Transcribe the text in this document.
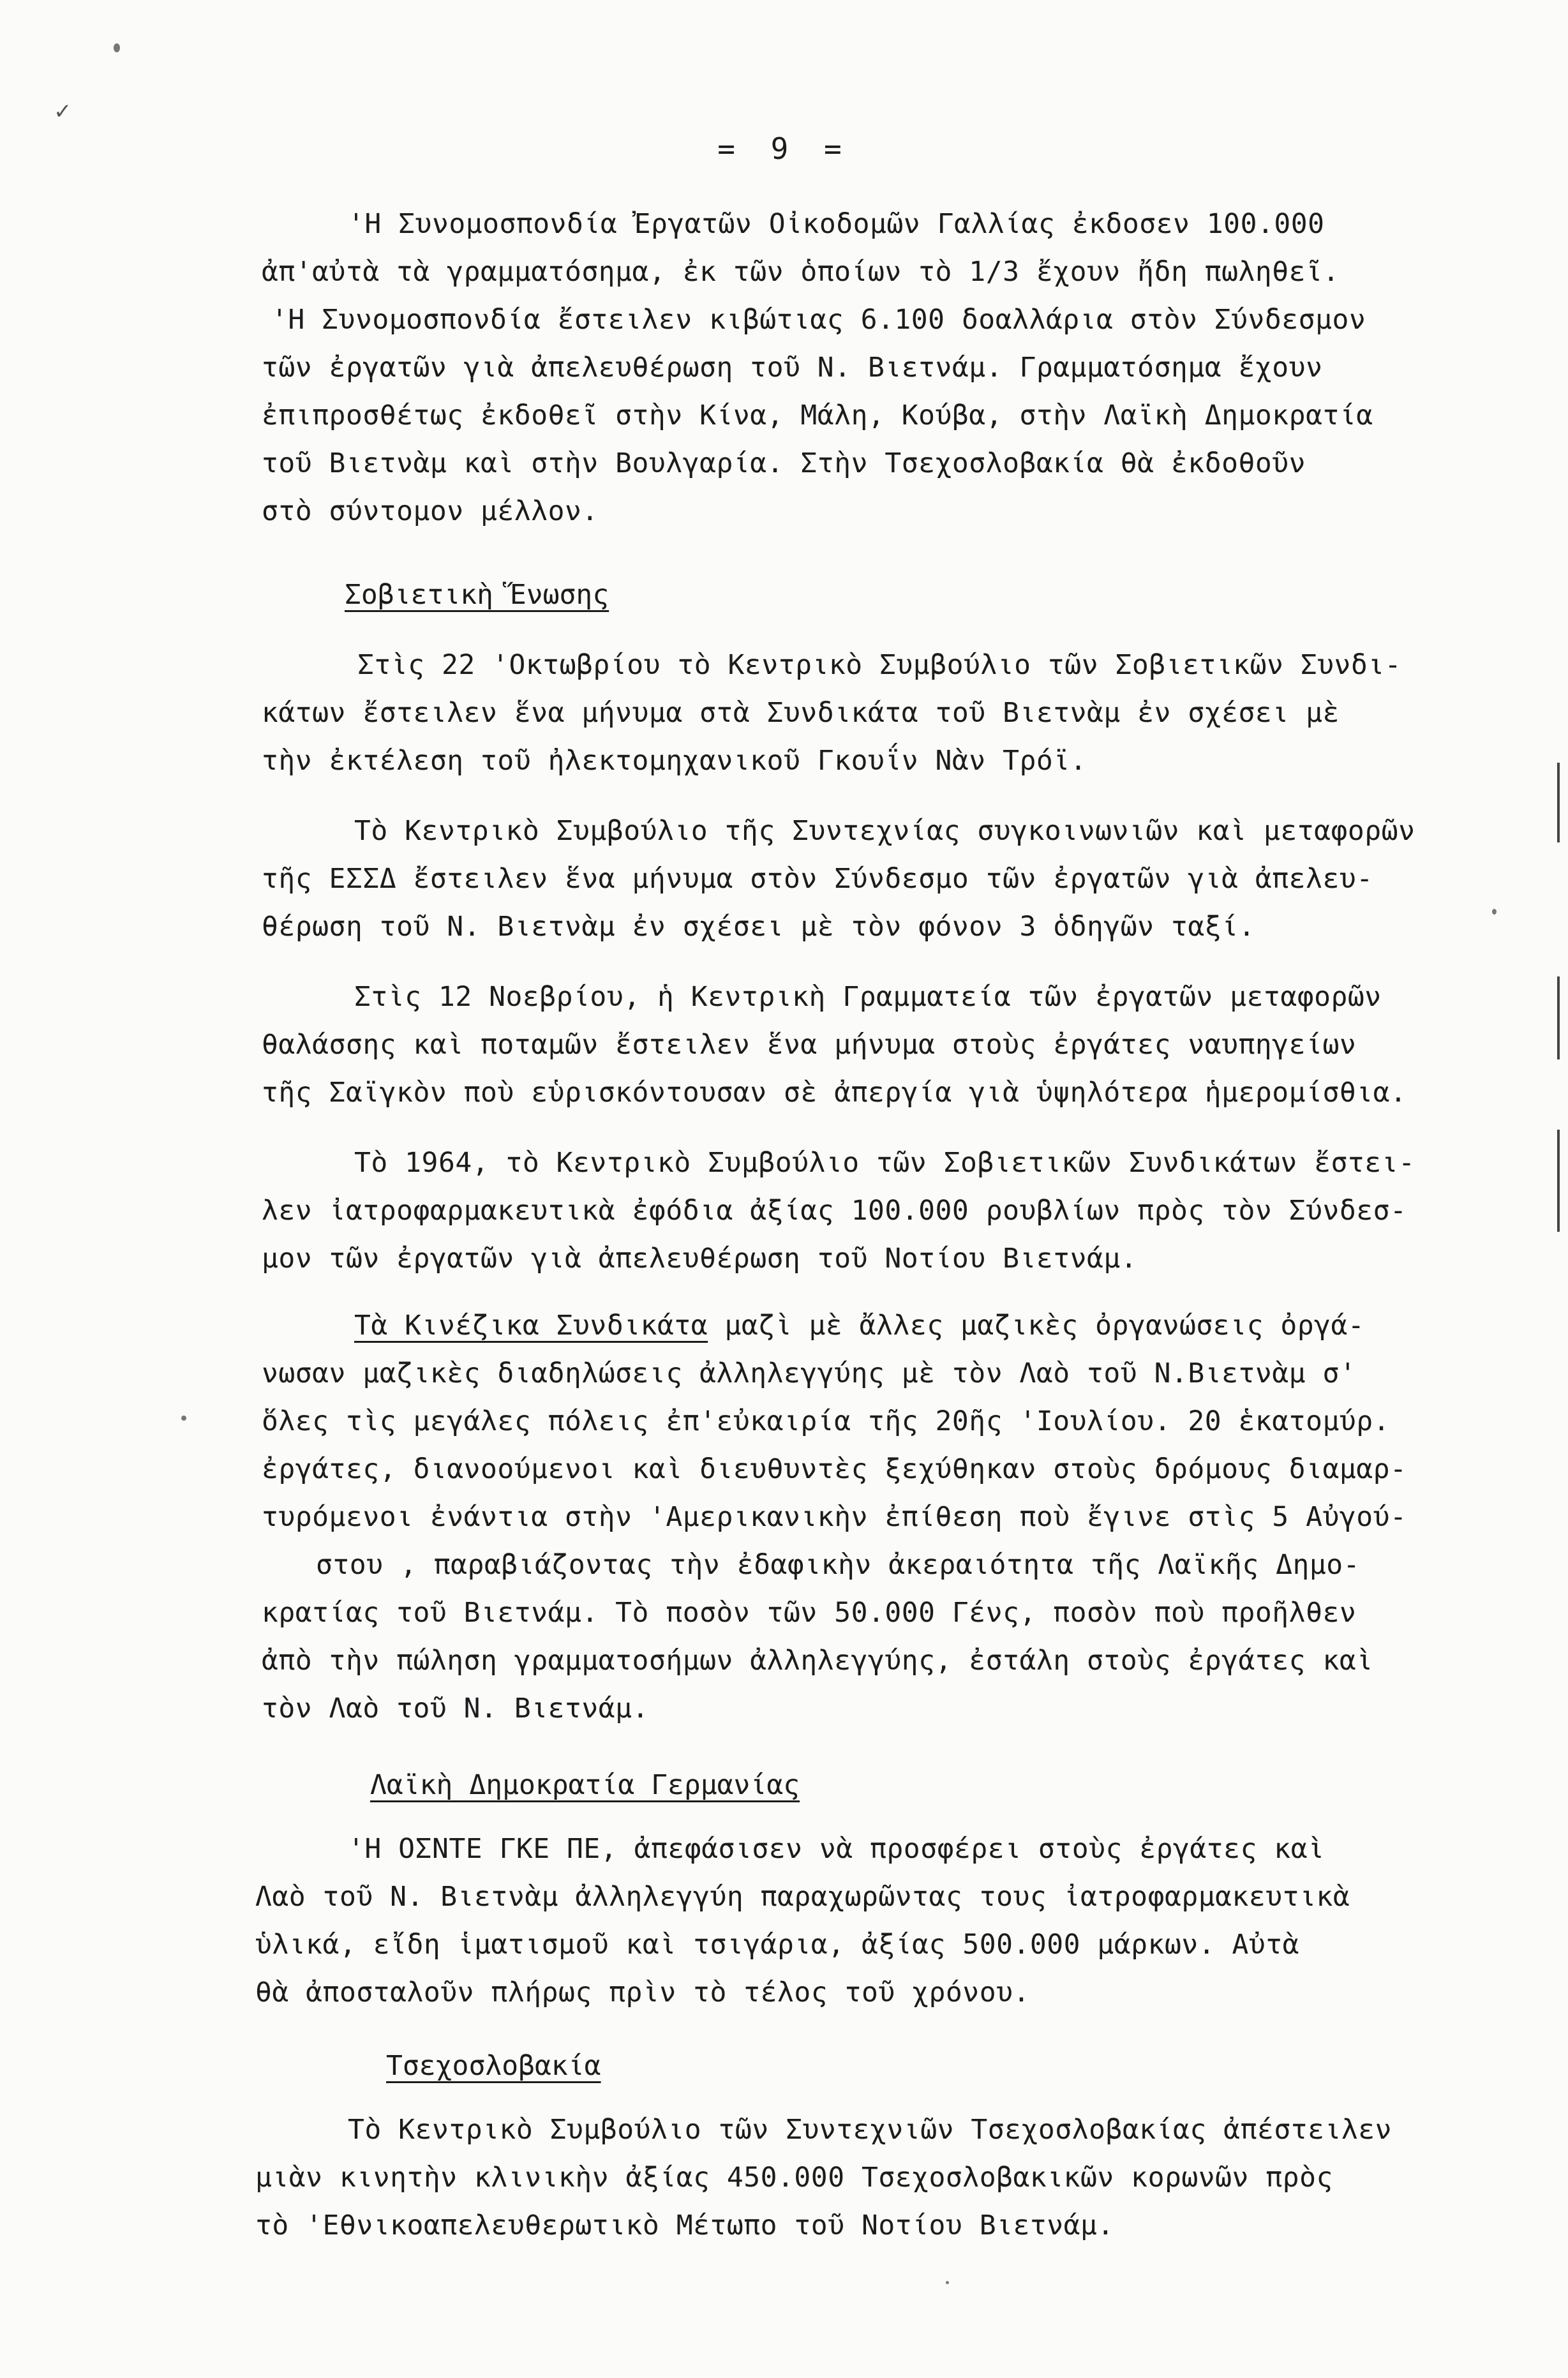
✓
= 9 =
'Η Συνομοσπονδία Ἐργατῶν Οἰκοδομῶν Γαλλίας ἐκδοσεν 100.000
ἀπ'αὐτὰ τὰ γραμματόσημα, ἐκ τῶν ὁποίων τὸ 1/3 ἔχουν ἤδη πωληθεῖ.
'Η Συνομοσπονδία ἔστειλεν κιβώτιας 6.100 δοαλλάρια στὸν Σύνδεσμον
τῶν ἐργατῶν γιὰ ἀπελευθέρωση τοῦ Ν. Βιετνάμ. Γραμματόσημα ἔχουν
ἐπιπροσθέτως ἐκδοθεῖ στὴν Κίνα, Μάλη, Κούβα, στὴν Λαϊκὴ Δημοκρατία
τοῦ Βιετνὰμ καὶ στὴν Βουλγαρία. Στὴν Τσεχοσλοβακία θὰ ἐκδοθοῦν
στὸ σύντομον μέλλον.
Σοβιετικὴ Ἕνωσης
Στὶς 22 'Οκτωβρίου τὸ Κεντρικὸ Συμβούλιο τῶν Σοβιετικῶν Συνδι-
κάτων ἔστειλεν ἕνα μήνυμα στὰ Συνδικάτα τοῦ Βιετνὰμ ἐν σχέσει μὲ
τὴν ἐκτέλεση τοῦ ἠλεκτομηχανικοῦ Γκουΐν Νὰν Τρόϊ.
Τὸ Κεντρικὸ Συμβούλιο τῆς Συντεχνίας συγκοινωνιῶν καὶ μεταφορῶν
τῆς ΕΣΣΔ ἔστειλεν ἕνα μήνυμα στὸν Σύνδεσμο τῶν ἐργατῶν γιὰ ἀπελευ-
θέρωση τοῦ Ν. Βιετνὰμ ἐν σχέσει μὲ τὸν φόνον 3 ὁδηγῶν ταξί.
Στὶς 12 Νοεβρίου, ἡ Κεντρικὴ Γραμματεία τῶν ἐργατῶν μεταφορῶν
θαλάσσης καὶ ποταμῶν ἔστειλεν ἕνα μήνυμα στοὺς ἐργάτες ναυπηγείων
τῆς Σαϊγκὸν ποὺ εὑρισκόντουσαν σὲ ἀπεργία γιὰ ὑψηλότερα ἡμερομίσθια.
Τὸ 1964, τὸ Κεντρικὸ Συμβούλιο τῶν Σοβιετικῶν Συνδικάτων ἔστει-
λεν ἰατροφαρμακευτικὰ ἐφόδια ἀξίας 100.000 ρουβλίων πρὸς τὸν Σύνδεσ-
μον τῶν ἐργατῶν γιὰ ἀπελευθέρωση τοῦ Νοτίου Βιετνάμ.
Τὰ Κινέζικα Συνδικάτα μαζὶ μὲ ἄλλες μαζικὲς ὀργανώσεις ὀργά-
νωσαν μαζικὲς διαδηλώσεις ἀλληλεγγύης μὲ τὸν Λαὸ τοῦ Ν.Βιετνὰμ σ'
ὅλες τὶς μεγάλες πόλεις ἐπ'εὐκαιρία τῆς 20ῆς 'Ιουλίου. 20 ἑκατομύρ.
ἐργάτες, διανοούμενοι καὶ διευθυντὲς ξεχύθηκαν στοὺς δρόμους διαμαρ-
τυρόμενοι ἐνάντια στὴν 'Αμερικανικὴν ἐπίθεση ποὺ ἔγινε στὶς 5 Αὐγού-
στου , παραβιάζοντας τὴν ἐδαφικὴν ἀκεραιότητα τῆς Λαϊκῆς Δημο-
κρατίας τοῦ Βιετνάμ. Τὸ ποσὸν τῶν 50.000 Γένς, ποσὸν ποὺ προῆλθεν
ἀπὸ τὴν πώληση γραμματοσήμων ἀλληλεγγύης, ἐστάλη στοὺς ἐργάτες καὶ
τὸν Λαὸ τοῦ Ν. Βιετνάμ.
Λαϊκὴ Δημοκρατία Γερμανίας
'Η ΟΣΝΤΕ ΓΚΕ ΠΕ, ἀπεφάσισεν νὰ προσφέρει στοὺς ἐργάτες καὶ
Λαὸ τοῦ Ν. Βιετνὰμ ἀλληλεγγύη παραχωρῶντας τους ἰατροφαρμακευτικὰ
ὑλικά, εἴδη ἱματισμοῦ καὶ τσιγάρια, ἀξίας 500.000 μάρκων. Αὐτὰ
θὰ ἀποσταλοῦν πλήρως πρὶν τὸ τέλος τοῦ χρόνου.
Τσεχοσλοβακία
Τὸ Κεντρικὸ Συμβούλιο τῶν Συντεχνιῶν Τσεχοσλοβακίας ἀπέστειλεν
μιὰν κινητὴν κλινικὴν ἀξίας 450.000 Τσεχοσλοβακικῶν κορωνῶν πρὸς
τὸ 'Εθνικοαπελευθερωτικὸ Μέτωπο τοῦ Νοτίου Βιετνάμ.
